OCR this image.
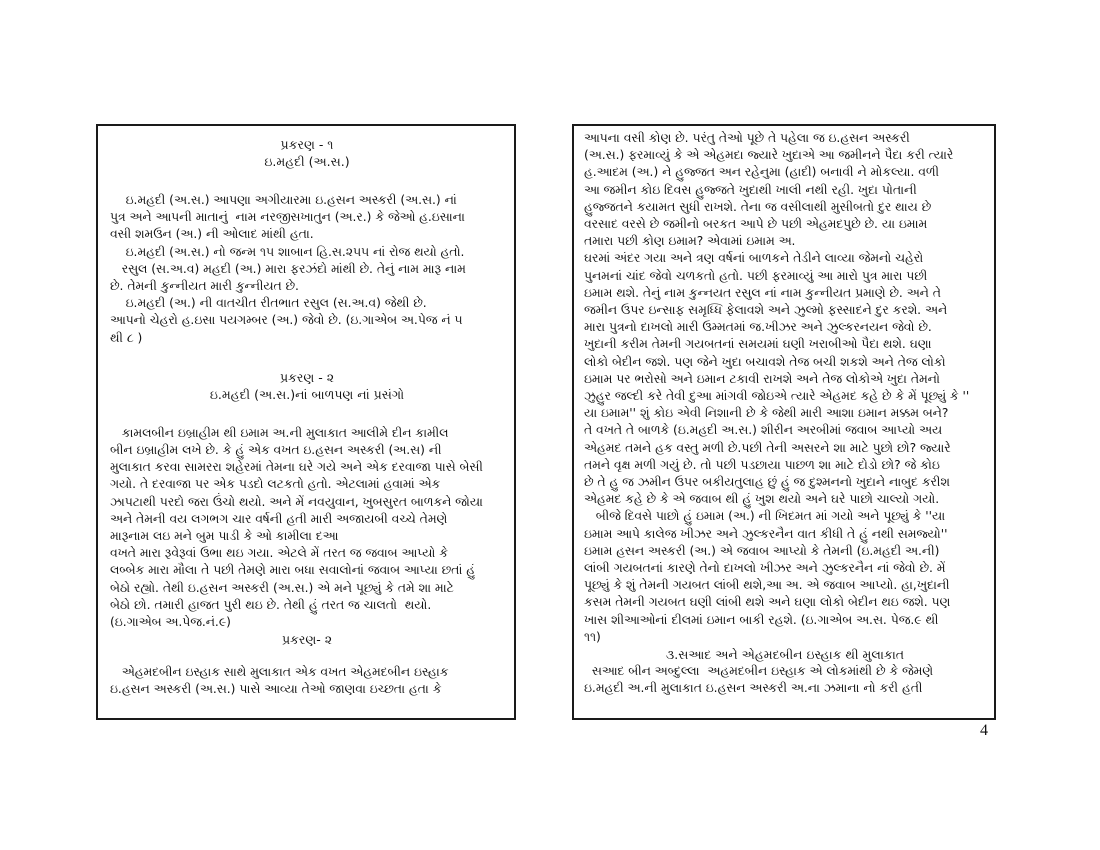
પ્રકરણ - ૧

ઇ.મહદી (અ.સ.)

ઇ.મહદી (અ.સ.) આપણા અગીયારમા ઇ.હસન અસ્કરી (અ.સ.) નાં
પુત્ર અને આપની માતાનું  નામ નરજીસખાતુન (અ.ર.) કે જેઓ હ.ઇસાના
વસી શમઉન (અ.) ની ઓલાદ માંથી હતા.
ઇ.મહદી (અ.સ.) નો જન્મ ૧૫ શાબાન હિ.સ.૨૫૫ નાં રોજ થયો હતો.
રસુલ (સ.અ.વ) મહદી (અ.) મારા ફરઝંદો માંથી છે. તેનું નામ મારૂ નામ
છે. તેમની કુન્નીયત મારી કુન્નીયત છે.
ઇ.મહદી (અ.) ની વાતચીત રીતભાત રસુલ (સ.અ.વ) જેથી છે.
આપનો ચેહરો હ.ઇસા પયગમ્બર (અ.) જેવો છે. (ઇ.ગાએબ અ.પેજ નં ૫
થી ૮ )

પ્રકરણ - ૨

ઇ.મહદી (અ.સ.)નાં બાળપણ નાં પ્રસંગો

કામલબીન ઇબ્રાહીમ થી ઇમામ અ.ની મુલાકાત આલીમે દીન કામીલ
બીન ઇબ્રાહીમ લખે છે. કે હું એક વખત ઇ.હસન અસ્કરી (અ.સ) ની
મુલાકાત કરવા સામરરા શહેરમાં તેમના ઘરે ગયે અને એક દરવાજા પાસે બેસી
ગયો. તે દરવાજા પર એક પડદો લટકતો હતો. એટલામાં હવામાં એક
ઝાપટાથી પરદો જરા ઉંચો થયો. અને મેં નવયુવાન, ખુબસુરત બાળકને જોયા
અને તેમની વય લગભગ ચાર વર્ષની હતી મારી અજાયબી વચ્ચે તેમણે
મારૂનામ લઇ મને બુમ પાડી કે ઓ કામીલા દઆ
વખતે મારા રૂવેરૂવાં ઉભા થઇ ગયા. એટલે મેં તરત જ જવાબ આપ્યો કે
લબ્બેક મારા મૌલા તે પછી તેમણે મારા બધા સવાલોનાં જવાબ આપ્યા છતાં હું
બેઠો રહ્યો. તેથી ઇ.હસન અસ્કરી (અ.સ.) એ મને પૂછ્યું કે તમે શા માટે
બેઠો છો. તમારી હાજત પુરી થઇ છે. તેથી હું તરત જ ચાલતો  થયો.
(ઇ.ગાએબ અ.પેજ.નં.૯)

પ્રકરણ- ૨

એહમદબીન ઇસ્હાક સાથે મુલાકાત એક વખત એહમદબીન ઇસ્હાક
ઇ.હસન અસ્કરી (અ.સ.) પાસે આવ્યા તેઓ જાણવા ઇચ્છતા હતા કે

આપના વસી કોણ છે. પરંતુ તેઓ પૂછે તે પહેલા જ ઇ.હસન અસ્કરી
(અ.સ.) ફરમાવ્યું કે એ એહમદા જ્યારે ખુદાએ આ જમીનને પૈદા કરી ત્યારે
હ.આદમ (અ.) ને હુજ્જત અન રહેનુમા (હાદી) બનાવી ને મોકલ્યા. વળી
આ જમીન કોઇ દિવસ હુજ્જતે ખુદાથી ખાલી નથી રહી. ખુદા પોતાની
હુજ્જતને કયામત સુધી રાખશે. તેના જ વસીલાથી મુસીબતો દુર થાય છે
વરસાદ વરસે છે જમીનો બરકત આપે છે પછી એહમદપુછે છે. યા ઇમામ
તમારા પછી કોણ ઇમામ? એવામાં ઇમામ અ.
ઘરમાં અંદર ગયા અને ત્રણ વર્ષનાં બાળકને તેડીને લાવ્યા જેમનો ચહેરો
પુનમનાં ચાંદ જેવો ચળકતો હતો. પછી ફરમાવ્યું આ મારો પુત્ર મારા પછી
ઇમામ થશે. તેનું નામ કુન્નયત રસુલ નાં નામ કુન્નીયત પ્રમાણે છે. અને તે
જમીન ઉપર ઇન્સાફ સમૃધ્ધિ ફેલાવશે અને ઝુલ્મો ફસ્સાદને દુર કરશે. અને
મારા પુત્રનો દાખલો મારી ઉમ્મતમાં જ.ખીઝર અને ઝુલ્કરનયન જેવો છે.
ખુદાની કરીમ તેમની ગયબતનાં સમયમાં ઘણી ખરાબીઓ પૈદા થશે. ઘણા
લોકો બેદીન જશે. પણ જેને ખુદા બચાવશે તેજ બચી શકશે અને તેજ લોકો
ઇમામ પર ભરોસો અને ઇમાન ટકાવી રાખશે અને તેજ લોકોએ ખુદા તેમનો
ઝુહુર જલ્દી કરે તેવી દુઆ માંગવી જોઇએ ત્યારે એહમદ કહે છે કે મેં પૂછ્યું કે ''
યા ઇમામ'' શું કોઇ એવી નિશાની છે કે જેથી મારી આશા ઇમાન મક્કમ બને?
તે વખતે તે બાળકે (ઇ.મહદી અ.સ.) શીરીન અરબીમાં જવાબ આપ્યો અય
એહમદ તમને હક વસ્તુ મળી છે.પછી તેની અસરને શા માટે પુછો છો? જ્યારે
તમને વૃક્ષ મળી ગયું છે. તો પછી પડછાયા પાછળ શા માટે દોડો છો? જે કોઇ
છે તે હુ જ ઝમીન ઉપર બકીયતુલાહ છું હું જ દુશ્મનનો ખુદાને નાબુદ કરીશ
એહમદ કહે છે કે એ જવાબ થી હું ખુશ થયો અને ઘરે પાછો ચાલ્યો ગયો.
બીજે દિવસે પાછો હું ઇમામ (અ.) ની ખિદમત માં ગયો અને પૂછ્યું કે ''યા
ઇમામ આપે કાલેજ ખીઝર અને ઝુલ્કરનૈન વાત કીધી તે હું નથી સમજ્યો''
ઇમામ હસન અસ્કરી (અ.) એ જવાબ આપ્યો કે તેમની (ઇ.મહદી અ.ની)
લાંબી ગયબતનાં કારણે તેનો દાખલો ખીઝર અને ઝુલ્કરનૈન નાં જેવો છે. મેં
પૂછ્યું કે શું તેમની ગયબત લાંબી થશે,આ અ. એ જવાબ આપ્યો. હા,ખુદાની
કસમ તેમની ગયબત ઘણી લાંબી થશે અને ઘણા લોકો બેદીન થઇ જશે. પણ
ખાસ શીઆઓનાં દીલમાં ઇમાન બાકી રહશે. (ઇ.ગાએબ અ.સ. પેજ.૯ થી
૧૧)

૩.સઆદ અને એહમદબીન ઇસ્હાક થી મુલાકાત

સઆદ બીન અબ્દુલ્લા  અહમદબીન ઇસ્હાક એ લોકમાંથી છે કે જેમણે
ઇ.મહદી અ.ની મુલાકાત ઇ.હસન અસ્કરી અ.ના ઝમાના નો કરી હતી

4
